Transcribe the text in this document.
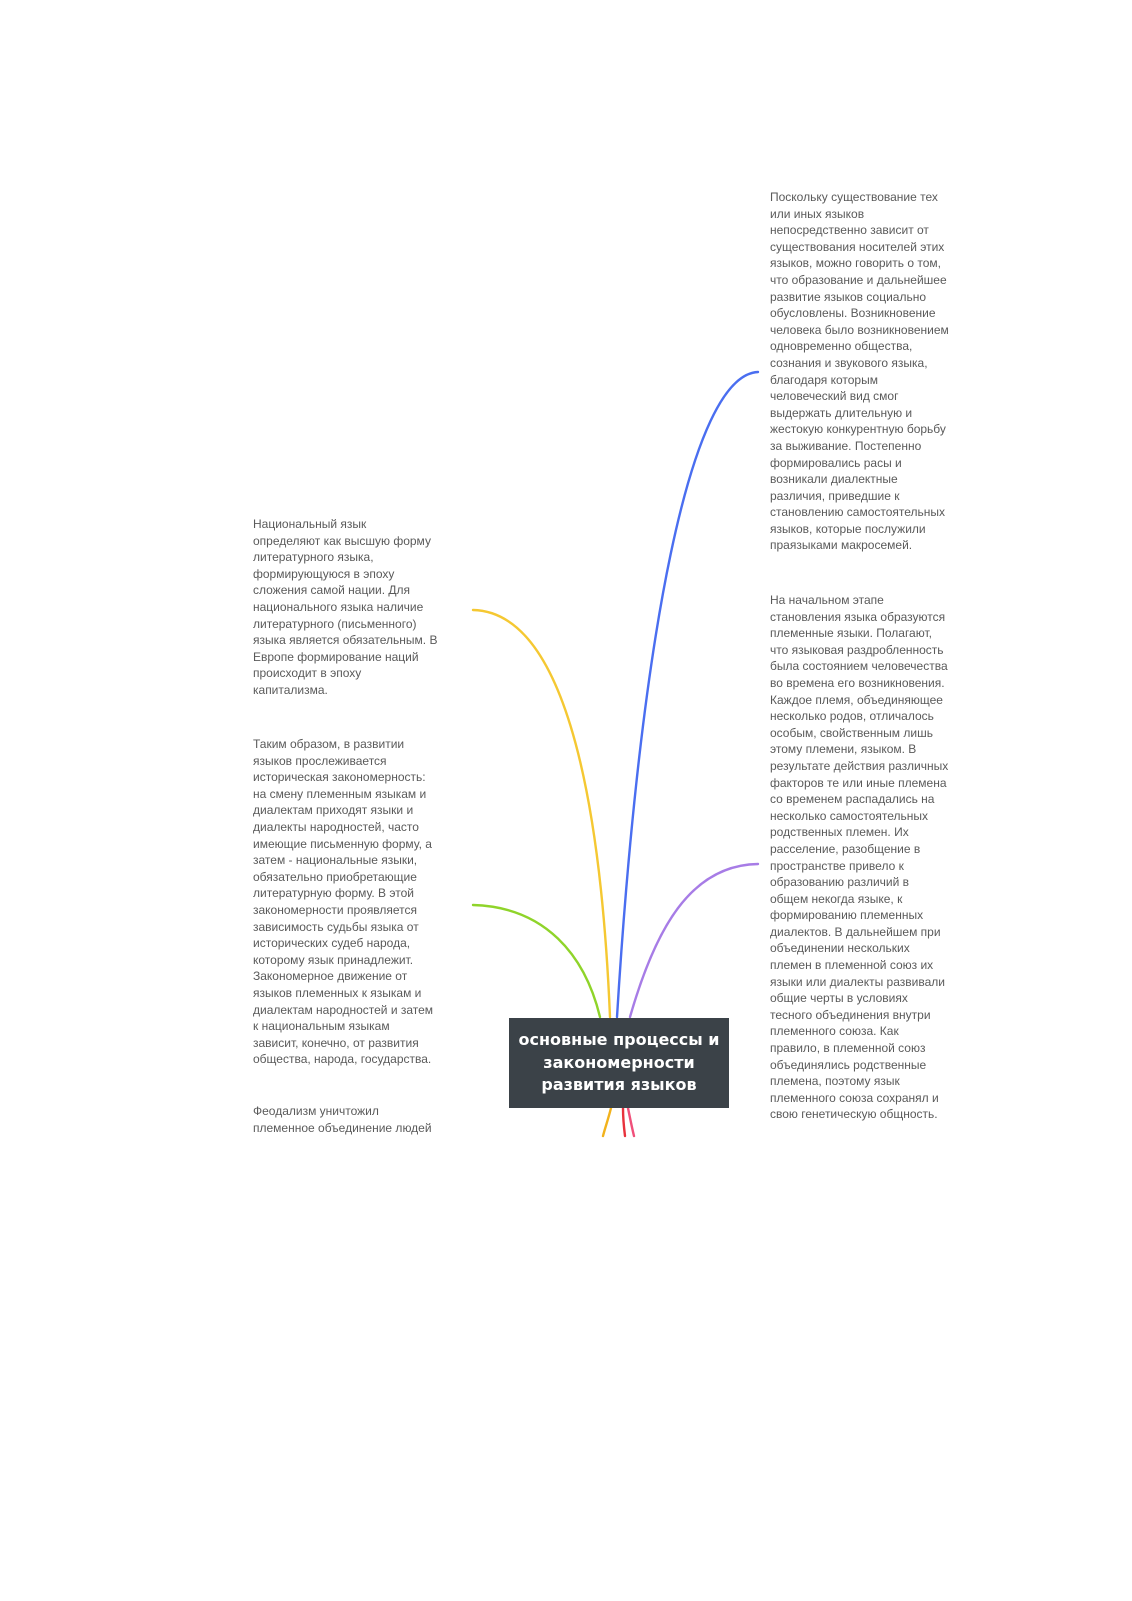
Поскольку существование тех
или иных языков
непосредственно зависит от
существования носителей этих
языков, можно говорить о том,
что образование и дальнейшее
развитие языков социально
обусловлены. Возникновение
человека было возникновением
одновременно общества,
сознания и звукового языка,
благодаря которым
человеческий вид смог
выдержать длительную и
жестокую конкурентную борьбу
за выживание. Постепенно
формировались расы и
возникали диалектные
различия, приведшие к
становлению самостоятельных
языков, которые послужили
праязыками макросемей.
На начальном этапе
становления языка образуются
племенные языки. Полагают,
что языковая раздробленность
была состоянием человечества
во времена его возникновения.
Каждое племя, объединяющее
несколько родов, отличалось
особым, свойственным лишь
этому племени, языком. В
результате действия различных
факторов те или иные племена
со временем распадались на
несколько самостоятельных
родственных племен. Их
расселение, разобщение в
пространстве привело к
образованию различий в
общем некогда языке, к
формированию племенных
диалектов. В дальнейшем при
объединении нескольких
племен в племенной союз их
языки или диалекты развивали
общие черты в условиях
тесного объединения внутри
племенного союза. Как
правило, в племенной союз
объединялись родственные
племена, поэтому язык
племенного союза сохранял и
свою генетическую общность.
Национальный язык
определяют как высшую форму
литературного языка,
формирующуюся в эпоху
сложения самой нации. Для
национального языка наличие
литературного (письменного)
языка является обязательным. В
Европе формирование наций
происходит в эпоху
капитализма.
Таким образом, в развитии
языков прослеживается
историческая закономерность:
на смену племенным языкам и
диалектам приходят языки и
диалекты народностей, часто
имеющие письменную форму, а
затем - национальные языки,
обязательно приобретающие
литературную форму. В этой
закономерности проявляется
зависимость судьбы языка от
исторических судеб народа,
которому язык принадлежит.
Закономерное движение от
языков племенных к языкам и
диалектам народностей и затем
к национальным языкам
зависит, конечно, от развития
общества, народа, государства.
Феодализм уничтожил
племенное объединение людей
основные процессы и
закономерности
развития языков
